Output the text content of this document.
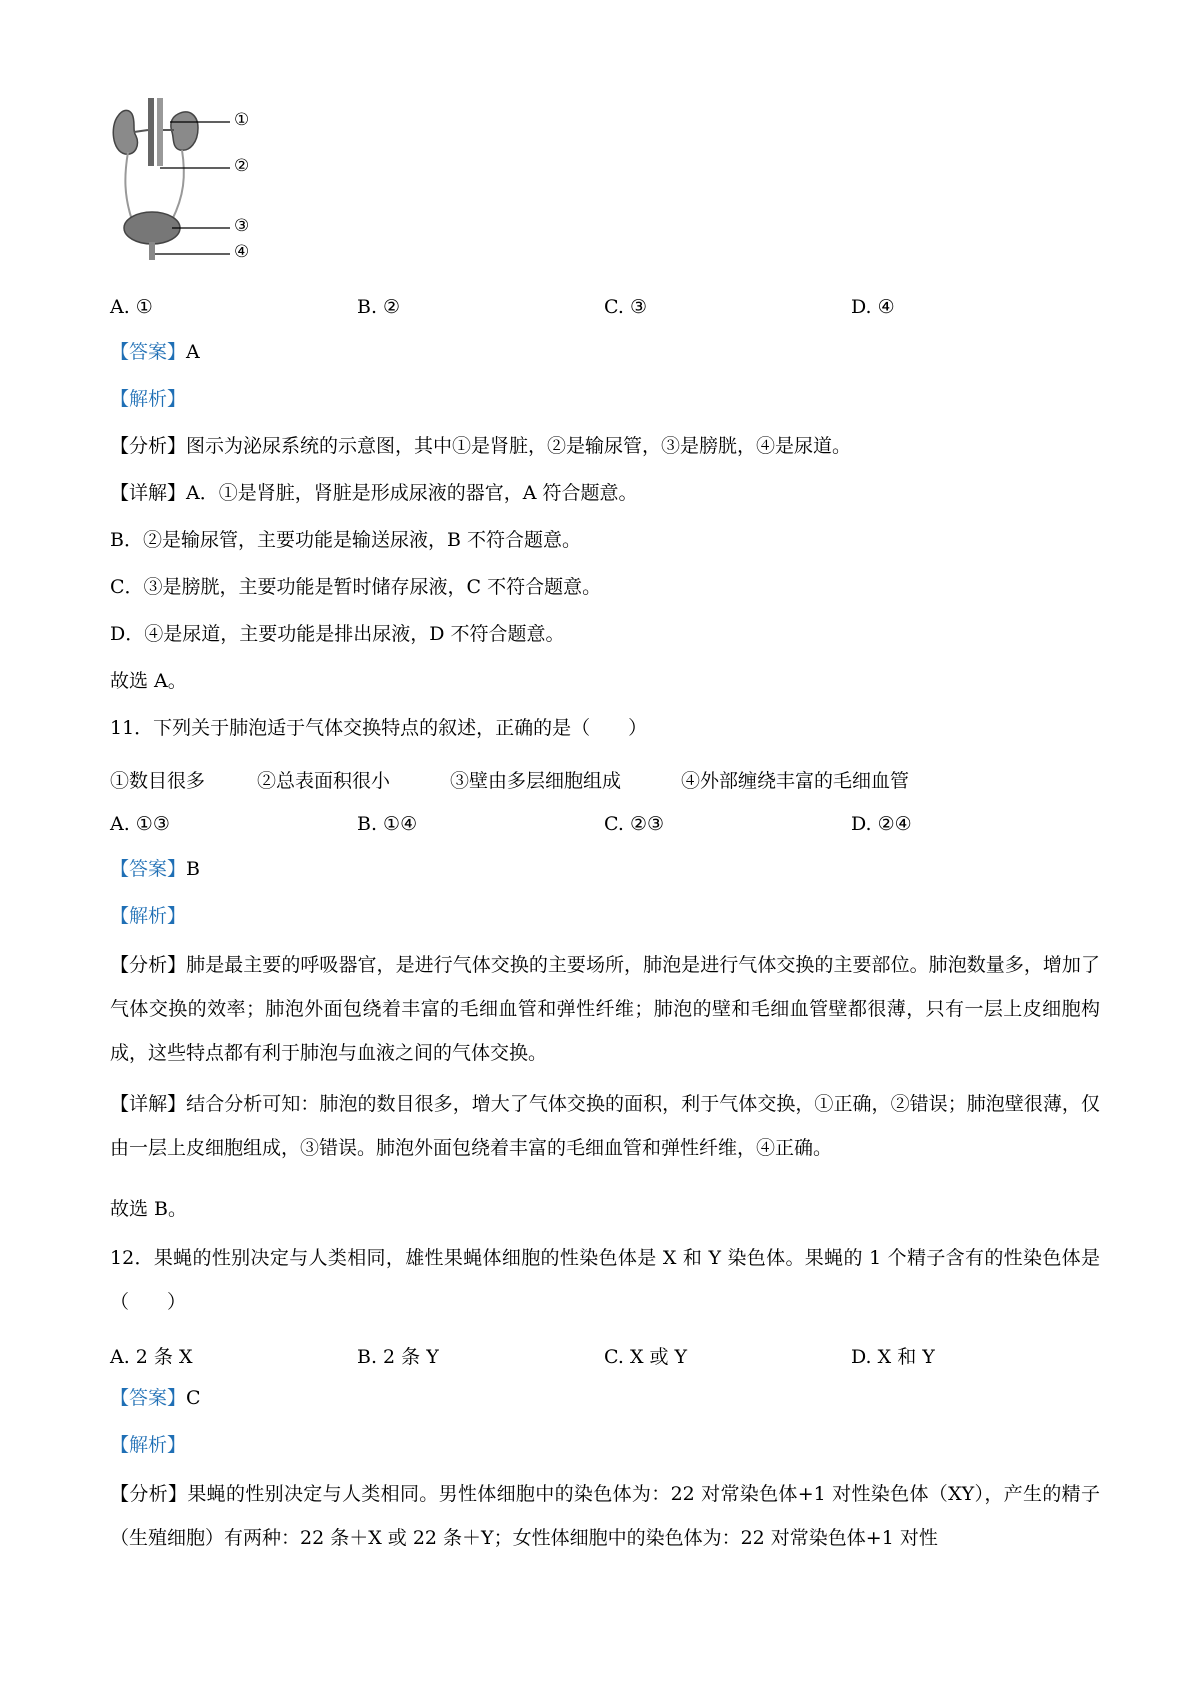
①
②
③
④
A. ①	B. ②	C. ③	D. ④
【答案】A
【解析】
【分析】图示为泌尿系统的示意图，其中①是肾脏，②是输尿管，③是膀胱，④是尿道。
【详解】A．①是肾脏，肾脏是形成尿液的器官，A 符合题意。
B．②是输尿管，主要功能是输送尿液，B 不符合题意。
C．③是膀胱，主要功能是暂时储存尿液，C 不符合题意。
D．④是尿道，主要功能是排出尿液，D 不符合题意。
故选 A。
11．下列关于肺泡适于气体交换特点的叙述，正确的是（　　）
①数目很多	②总表面积很小	③壁由多层细胞组成	④外部缠绕丰富的毛细血管
A. ①③	B. ①④	C. ②③	D. ②④
【答案】B
【解析】
【分析】肺是最主要的呼吸器官，是进行气体交换的主要场所，肺泡是进行气体交换的主要部位。肺泡数量多，增加了气体交换的效率；肺泡外面包绕着丰富的毛细血管和弹性纤维；肺泡的壁和毛细血管壁都很薄，只有一层上皮细胞构成，这些特点都有利于肺泡与血液之间的气体交换。
【详解】结合分析可知：肺泡的数目很多，增大了气体交换的面积，利于气体交换，①正确，②错误；肺泡壁很薄，仅由一层上皮细胞组成，③错误。肺泡外面包绕着丰富的毛细血管和弹性纤维，④正确。
故选 B。
12．果蝇的性别决定与人类相同，雄性果蝇体细胞的性染色体是 X 和 Y 染色体。果蝇的 1 个精子含有的性染色体是（　　）
A. 2 条 X	B. 2 条 Y	C. X 或 Y	D. X 和 Y
【答案】C
【解析】
【分析】果蝇的性别决定与人类相同。男性体细胞中的染色体为：22 对常染色体+1 对性染色体（XY），产生的精子（生殖细胞）有两种：22 条＋X 或 22 条＋Y；女性体细胞中的染色体为：22 对常染色体+1 对性
